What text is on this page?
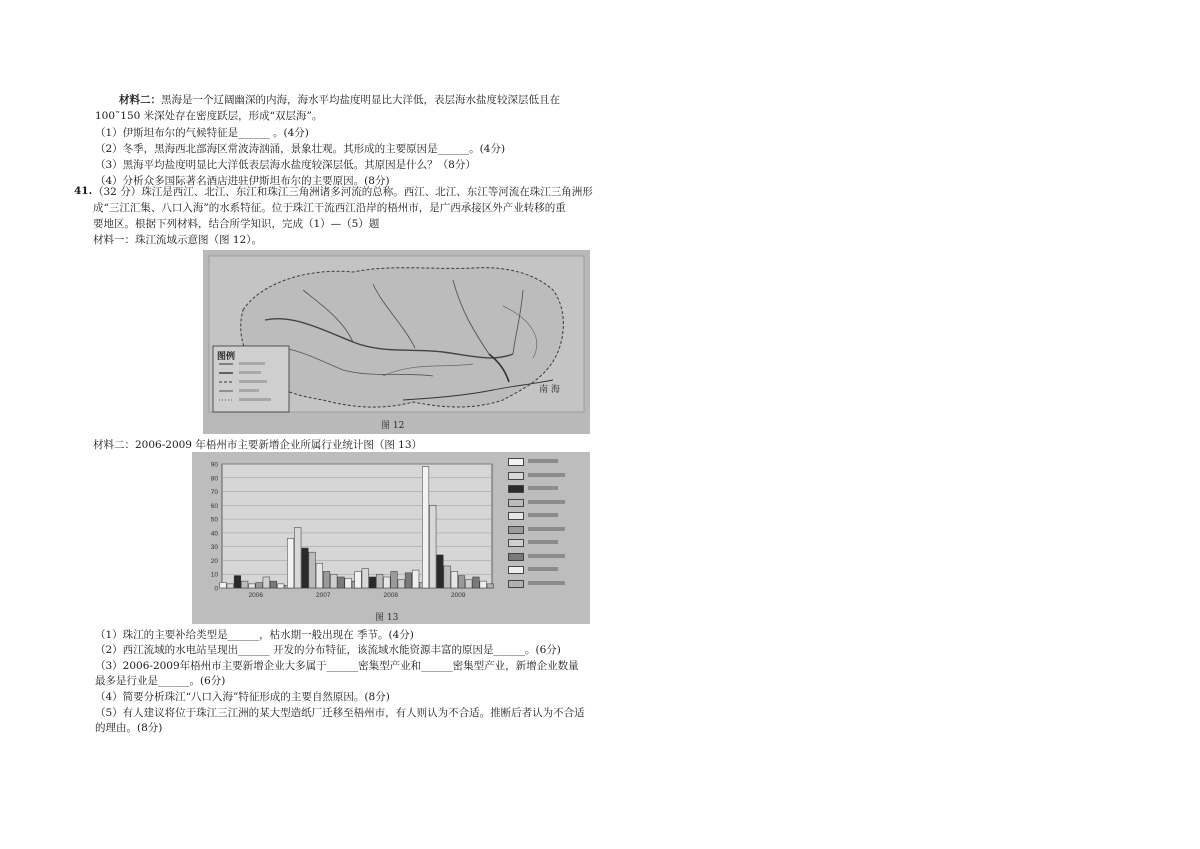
材料二：黑海是一个辽阔幽深的内海，海水平均盐度明显比大洋低，表层海水盐度较深层低且在
100˜150 米深处存在密度跃层，形成“双层海”。
（1）伊斯坦布尔的气候特征是______ 。(4分)
（2）冬季，黑海西北部海区常波涛汹涌，景象壮观。其形成的主要原因是______。(4分)
（3）黑海平均盐度明显比大洋低表层海水盐度较深层低。其原因是什么？（8分）
（4）分析众多国际著名酒店进驻伊斯坦布尔的主要原因。(8分)
41. （32 分）珠江是西江、北江、东江和珠江三角洲诸多河流的总称。西江、北江、东江等河流在珠江三角洲形
成“三江汇集、八口入海”的水系特征。位于珠江干流西江沿岸的梧州市，是广西承接区外产业转移的重
要地区。根据下列材料，结合所学知识，完成（1）—（5）题
材料一：珠江流域示意图（图 12）。
图例
南 海
图 12
材料二：2006-2009 年梧州市主要新增企业所属行业统计图（图 13）
0
10
20
30
40
50
60
70
80
90
2006	2007	2008	2009
图 13
（1）珠江的主要补给类型是______，枯水期一般出现在 季节。(4分)
（2）西江流域的水电站呈现出______ 开发的分布特征，该流域水能资源丰富的原因是______。(6分)
（3）2006-2009年梧州市主要新增企业大多属于______密集型产业和______密集型产业，新增企业数量
最多是行业是______。(6分)
（4）简要分析珠江“八口入海”特征形成的主要自然原因。(8分)
（5）有人建议将位于珠江三江洲的某大型造纸厂迁移至梧州市，有人则认为不合适。推断后者认为不合适
的理由。(8分)
